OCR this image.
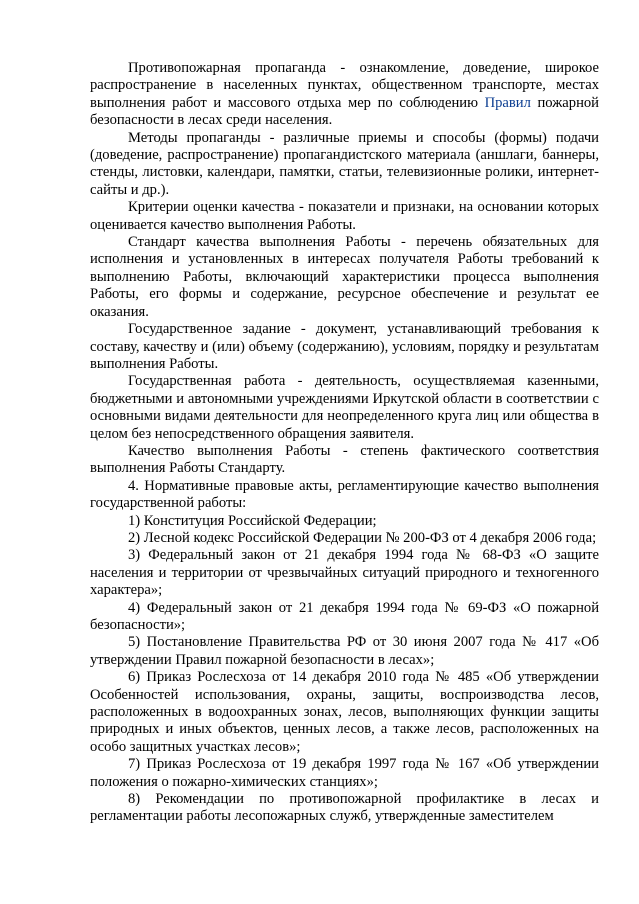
Противопожарная пропаганда - ознакомление, доведение, широкое распространение в населенных пунктах, общественном транспорте, местах выполнения работ и массового отдыха мер по соблюдению Правил пожарной безопасности в лесах среди населения.

Методы пропаганды - различные приемы и способы (формы) подачи (доведение, распространение) пропагандистского материала (аншлаги, баннеры, стенды, листовки, календари, памятки, статьи, телевизионные ролики, интернет-сайты и др.).

Критерии оценки качества - показатели и признаки, на основании которых оценивается качество выполнения Работы.

Стандарт качества выполнения Работы - перечень обязательных для исполнения и установленных в интересах получателя Работы требований к выполнению Работы, включающий характеристики процесса выполнения Работы, его формы и содержание, ресурсное обеспечение и результат ее оказания.

Государственное задание - документ, устанавливающий требования к составу, качеству и (или) объему (содержанию), условиям, порядку и результатам выполнения Работы.

Государственная работа - деятельность, осуществляемая казенными, бюджетными и автономными учреждениями Иркутской области в соответствии с основными видами деятельности для неопределенного круга лиц или общества в целом без непосредственного обращения заявителя.

Качество выполнения Работы - степень фактического соответствия выполнения Работы Стандарту.

4. Нормативные правовые акты, регламентирующие качество выполнения государственной работы:

1) Конституция Российской Федерации;

2) Лесной кодекс Российской Федерации № 200-ФЗ от 4 декабря 2006 года;

3) Федеральный закон от 21 декабря 1994 года № 68-ФЗ «О защите населения и территории от чрезвычайных ситуаций природного и техногенного характера»;

4) Федеральный закон от 21 декабря 1994 года № 69-ФЗ «О пожарной безопасности»;

5) Постановление Правительства РФ от 30 июня 2007 года № 417 «Об утверждении Правил пожарной безопасности в лесах»;

6) Приказ Рослесхоза от 14 декабря 2010 года № 485 «Об утверждении Особенностей использования, охраны, защиты, воспроизводства лесов, расположенных в водоохранных зонах, лесов, выполняющих функции защиты природных и иных объектов, ценных лесов, а также лесов, расположенных на особо защитных участках лесов»;

7) Приказ Рослесхоза от 19 декабря 1997 года № 167 «Об утверждении положения о пожарно-химических станциях»;

8) Рекомендации по противопожарной профилактике в лесах и регламентации работы лесопожарных служб, утвержденные заместителем
